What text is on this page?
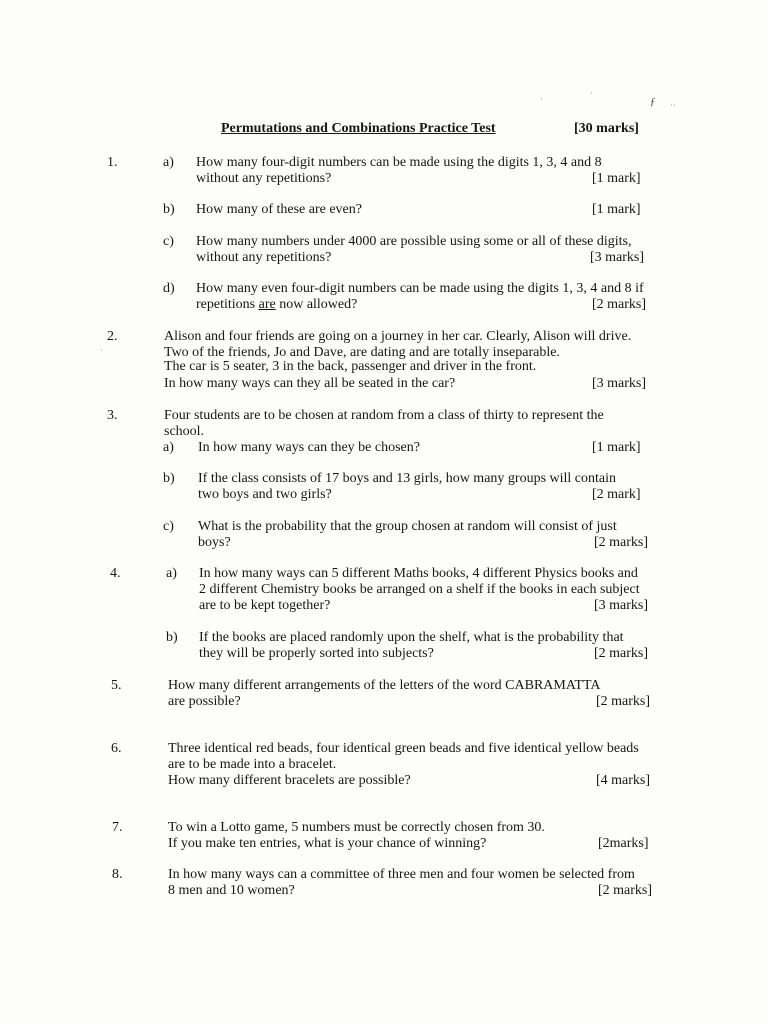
·
·
ƒ ··
·
Permutations and Combinations Practice Test	[30 marks]
1.	a) How many four-digit numbers can be made using the digits 1, 3, 4 and 8
without any repetitions?	[1 mark]
b) How many of these are even?	[1 mark]
c) How many numbers under 4000 are possible using some or all of these digits,
without any repetitions?	[3 marks]
d) How many even four-digit numbers can be made using the digits 1, 3, 4 and 8 if
repetitions are now allowed?	[2 marks]
2.	Alison and four friends are going on a journey in her car. Clearly, Alison will drive.
Two of the friends, Jo and Dave, are dating and are totally inseparable.
The car is 5 seater, 3 in the back, passenger and driver in the front.
In how many ways can they all be seated in the car?	[3 marks]
3.	Four students are to be chosen at random from a class of thirty to represent the
school.
a) In how many ways can they be chosen?	[1 mark]
b) If the class consists of 17 boys and 13 girls, how many groups will contain
two boys and two girls?	[2 mark]
c) What is the probability that the group chosen at random will consist of just
boys?	[2 marks]
4.	a) In how many ways can 5 different Maths books, 4 different Physics books and
2 different Chemistry books be arranged on a shelf if the books in each subject
are to be kept together?	[3 marks]
b) If the books are placed randomly upon the shelf, what is the probability that
they will be properly sorted into subjects?	[2 marks]
5.	How many different arrangements of the letters of the word CABRAMATTA
are possible?	[2 marks]
6.	Three identical red beads, four identical green beads and five identical yellow beads
are to be made into a bracelet.
How many different bracelets are possible?	[4 marks]
7.	To win a Lotto game, 5 numbers must be correctly chosen from 30.
If you make ten entries, what is your chance of winning?	[2marks]
8.	In how many ways can a committee of three men and four women be selected from
8 men and 10 women?	[2 marks]
